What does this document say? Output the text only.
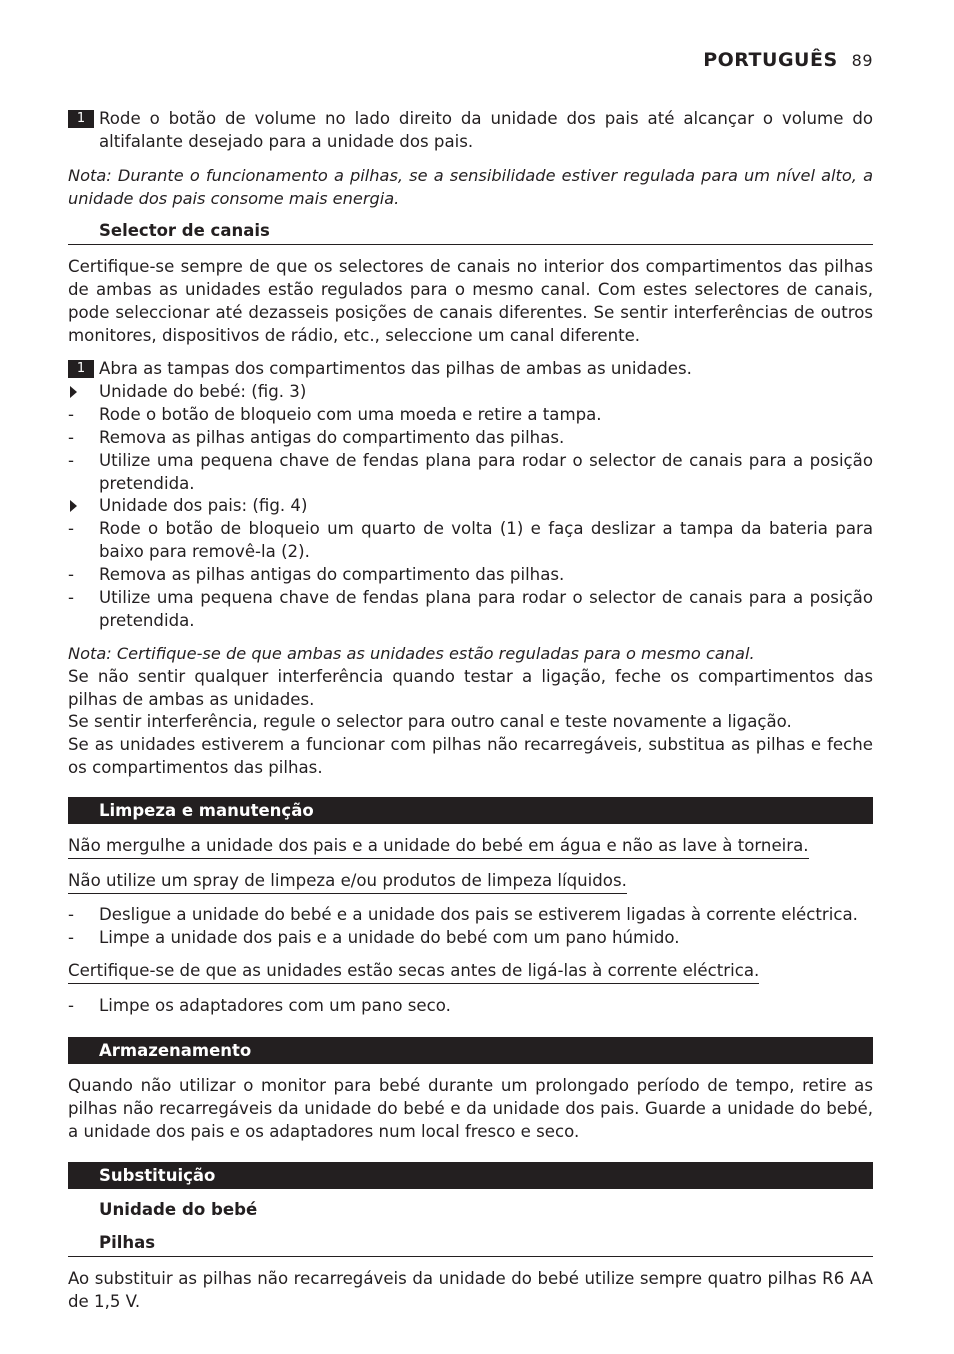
PORTUGUÊS 89
1 Rode o botão de volume no lado direito da unidade dos pais até alcançar o volume do altifalante desejado para a unidade dos pais.
Nota: Durante o funcionamento a pilhas, se a sensibilidade estiver regulada para um nível alto, a unidade dos pais consome mais energia.
Selector de canais
Certifique-se sempre de que os selectores de canais no interior dos compartimentos das pilhas de ambas as unidades estão regulados para o mesmo canal. Com estes selectores de canais, pode seleccionar até dezasseis posições de canais diferentes. Se sentir interferências de outros monitores, dispositivos de rádio, etc., seleccione um canal diferente.
1 Abra as tampas dos compartimentos das pilhas de ambas as unidades.
Unidade do bebé: (fig. 3)
- Rode o botão de bloqueio com uma moeda e retire a tampa.
- Remova as pilhas antigas do compartimento das pilhas.
- Utilize uma pequena chave de fendas plana para rodar o selector de canais para a posição pretendida.
Unidade dos pais: (fig. 4)
- Rode o botão de bloqueio um quarto de volta (1) e faça deslizar a tampa da bateria para baixo para removê-la (2).
- Remova as pilhas antigas do compartimento das pilhas.
- Utilize uma pequena chave de fendas plana para rodar o selector de canais para a posição pretendida.
Nota: Certifique-se de que ambas as unidades estão reguladas para o mesmo canal.
Se não sentir qualquer interferência quando testar a ligação, feche os compartimentos das pilhas de ambas as unidades.
Se sentir interferência, regule o selector para outro canal e teste novamente a ligação.
Se as unidades estiverem a funcionar com pilhas não recarregáveis, substitua as pilhas e feche os compartimentos das pilhas.
Limpeza e manutenção
Não mergulhe a unidade dos pais e a unidade do bebé em água e não as lave à torneira.
Não utilize um spray de limpeza e/ou produtos de limpeza líquidos.
- Desligue a unidade do bebé e a unidade dos pais se estiverem ligadas à corrente eléctrica.
- Limpe a unidade dos pais e a unidade do bebé com um pano húmido.
Certifique-se de que as unidades estão secas antes de ligá-las à corrente eléctrica.
- Limpe os adaptadores com um pano seco.
Armazenamento
Quando não utilizar o monitor para bebé durante um prolongado período de tempo, retire as pilhas não recarregáveis da unidade do bebé e da unidade dos pais. Guarde a unidade do bebé, a unidade dos pais e os adaptadores num local fresco e seco.
Substituição
Unidade do bebé
Pilhas
Ao substituir as pilhas não recarregáveis da unidade do bebé utilize sempre quatro pilhas R6 AA de 1,5 V.
